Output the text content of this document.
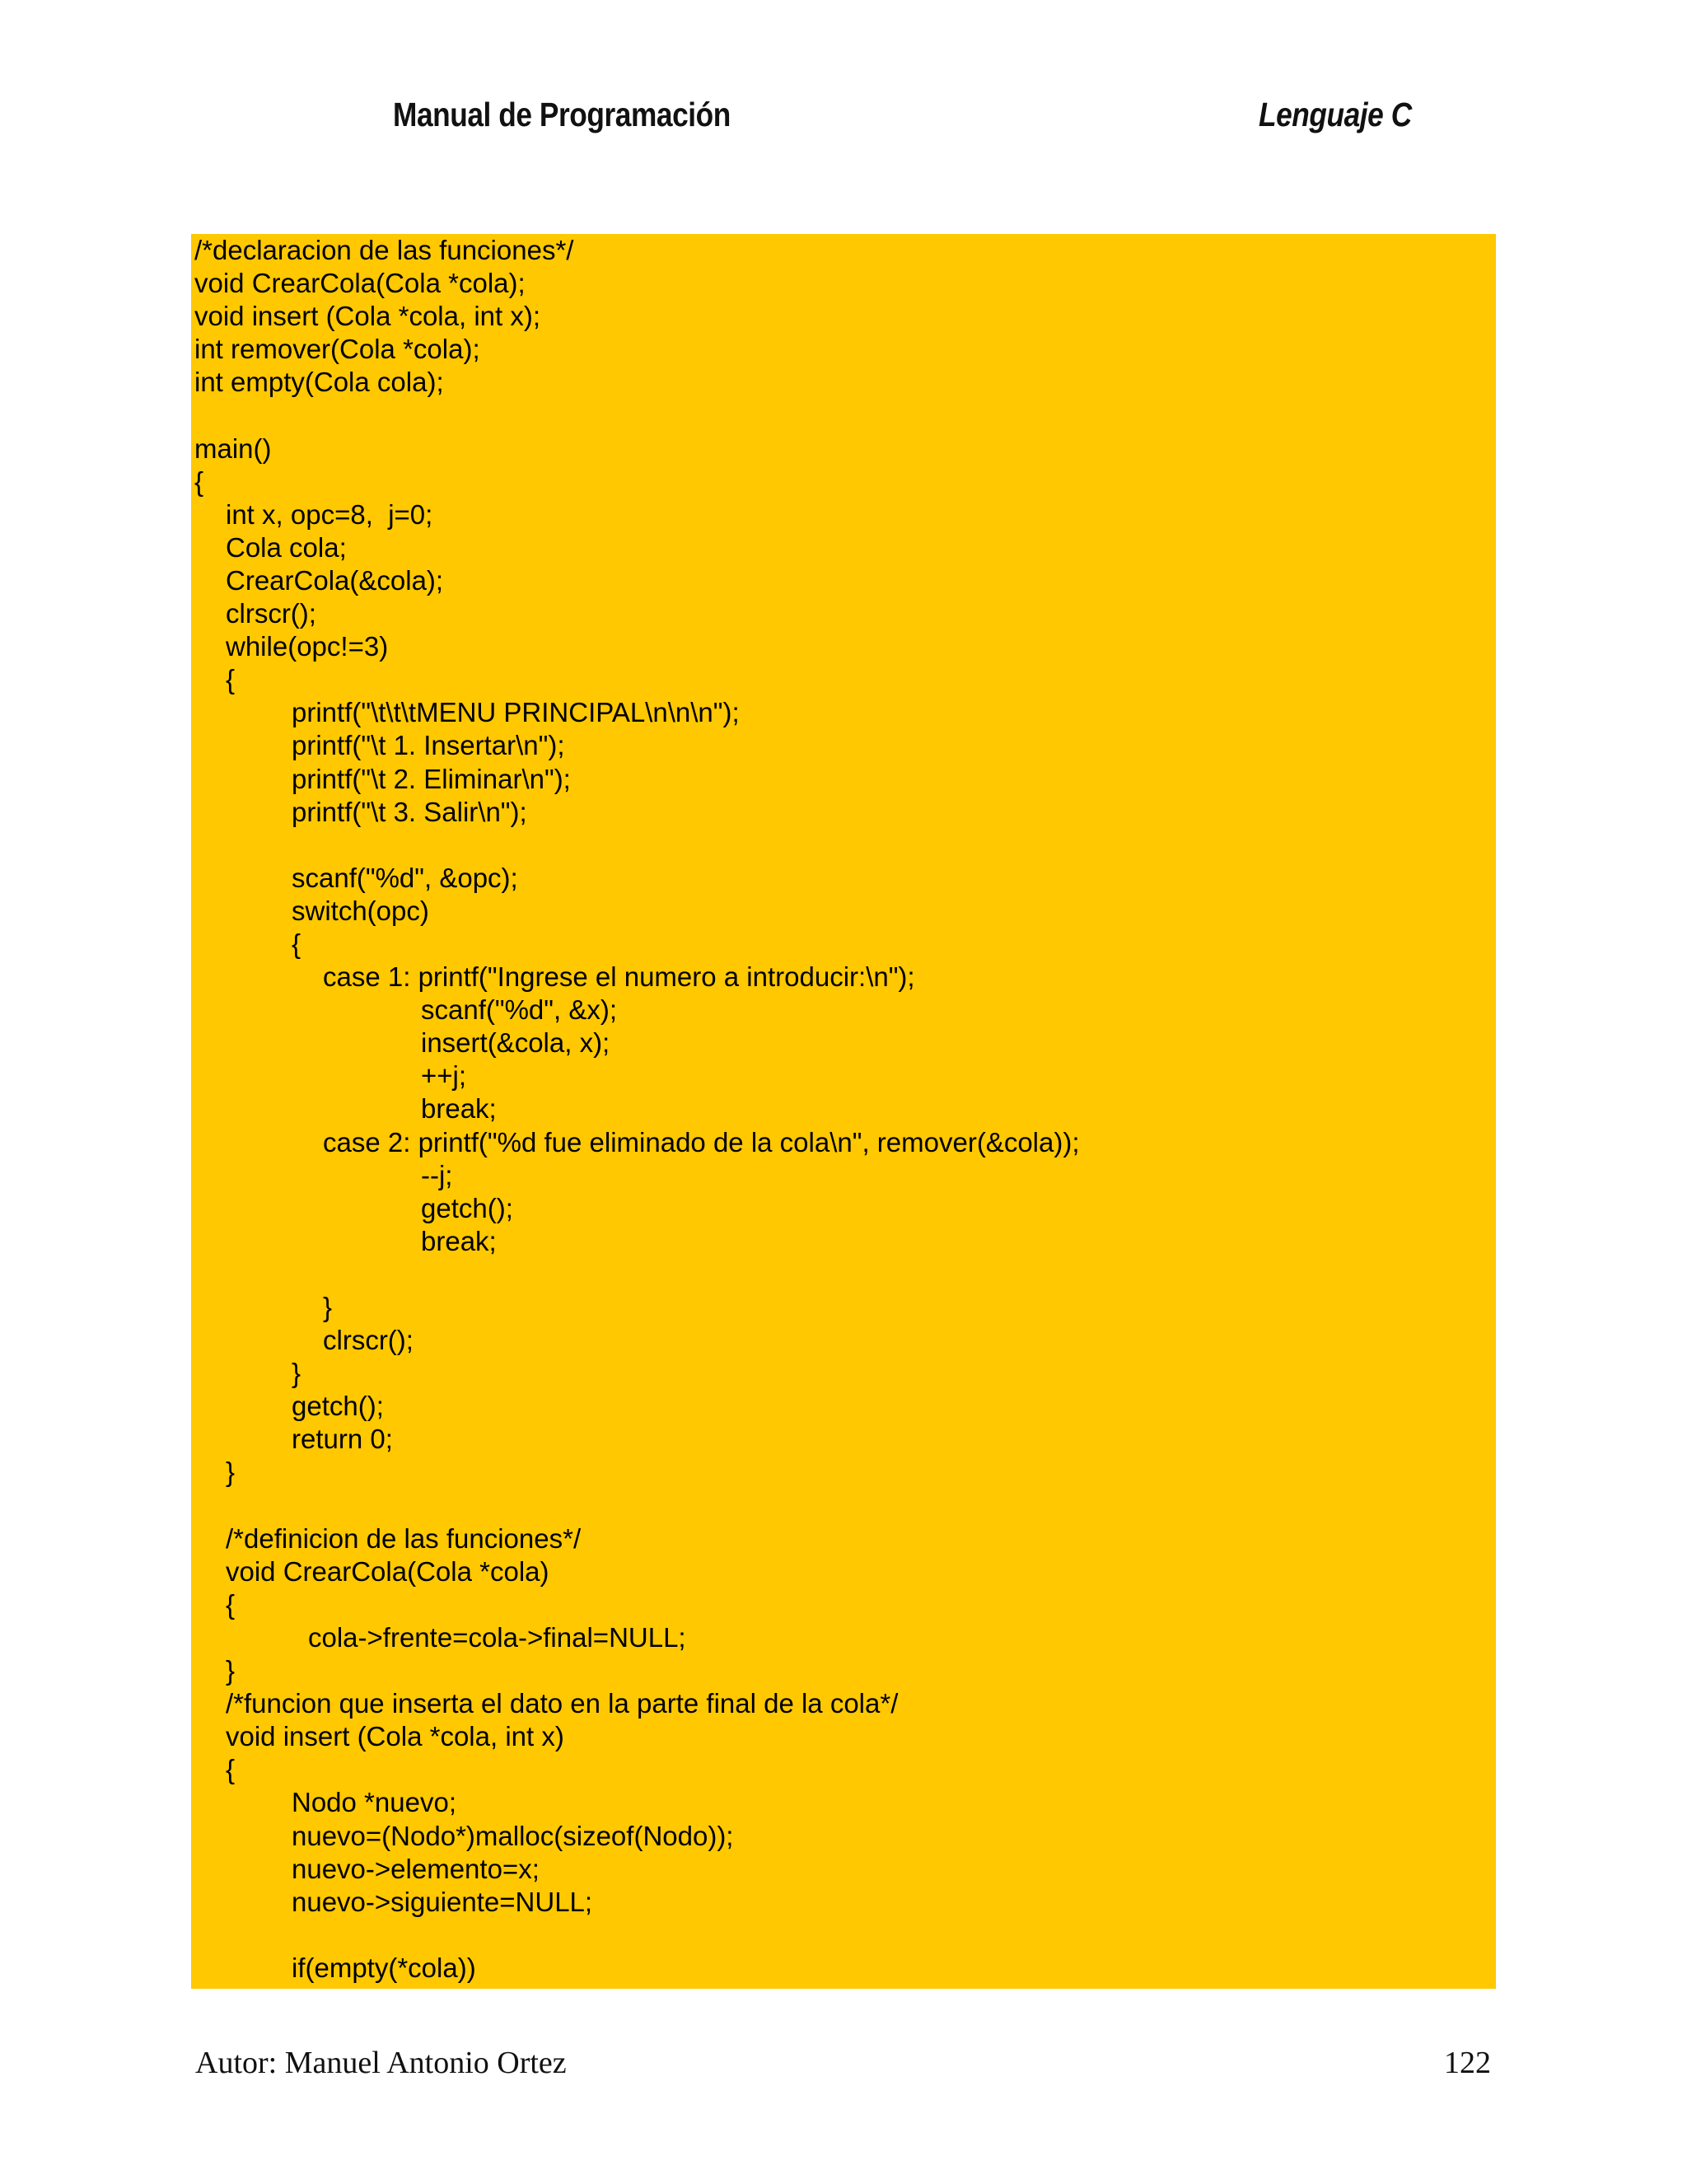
Manual de Programación	Lenguaje C
/*declaracion de las funciones*/
void CrearCola(Cola *cola);
void insert (Cola *cola, int x);
int remover(Cola *cola);
int empty(Cola cola);
main()
{
int x, opc=8,  j=0;
Cola cola;
CrearCola(&cola);
clrscr();
while(opc!=3)
{
printf("\t\t\tMENU PRINCIPAL\n\n\n");
printf("\t 1. Insertar\n");
printf("\t 2. Eliminar\n");
printf("\t 3. Salir\n");
scanf("%d", &opc);
switch(opc)
{
case 1: printf("Ingrese el numero a introducir:\n");
scanf("%d", &x);
insert(&cola, x);
++j;
break;
case 2: printf("%d fue eliminado de la cola\n", remover(&cola));
--j;
getch();
break;
}
clrscr();
}
getch();
return 0;
}
/*definicion de las funciones*/
void CrearCola(Cola *cola)
{
cola->frente=cola->final=NULL;
}
/*funcion que inserta el dato en la parte final de la cola*/
void insert (Cola *cola, int x)
{
Nodo *nuevo;
nuevo=(Nodo*)malloc(sizeof(Nodo));
nuevo->elemento=x;
nuevo->siguiente=NULL;
if(empty(*cola))
Autor: Manuel Antonio Ortez	122
